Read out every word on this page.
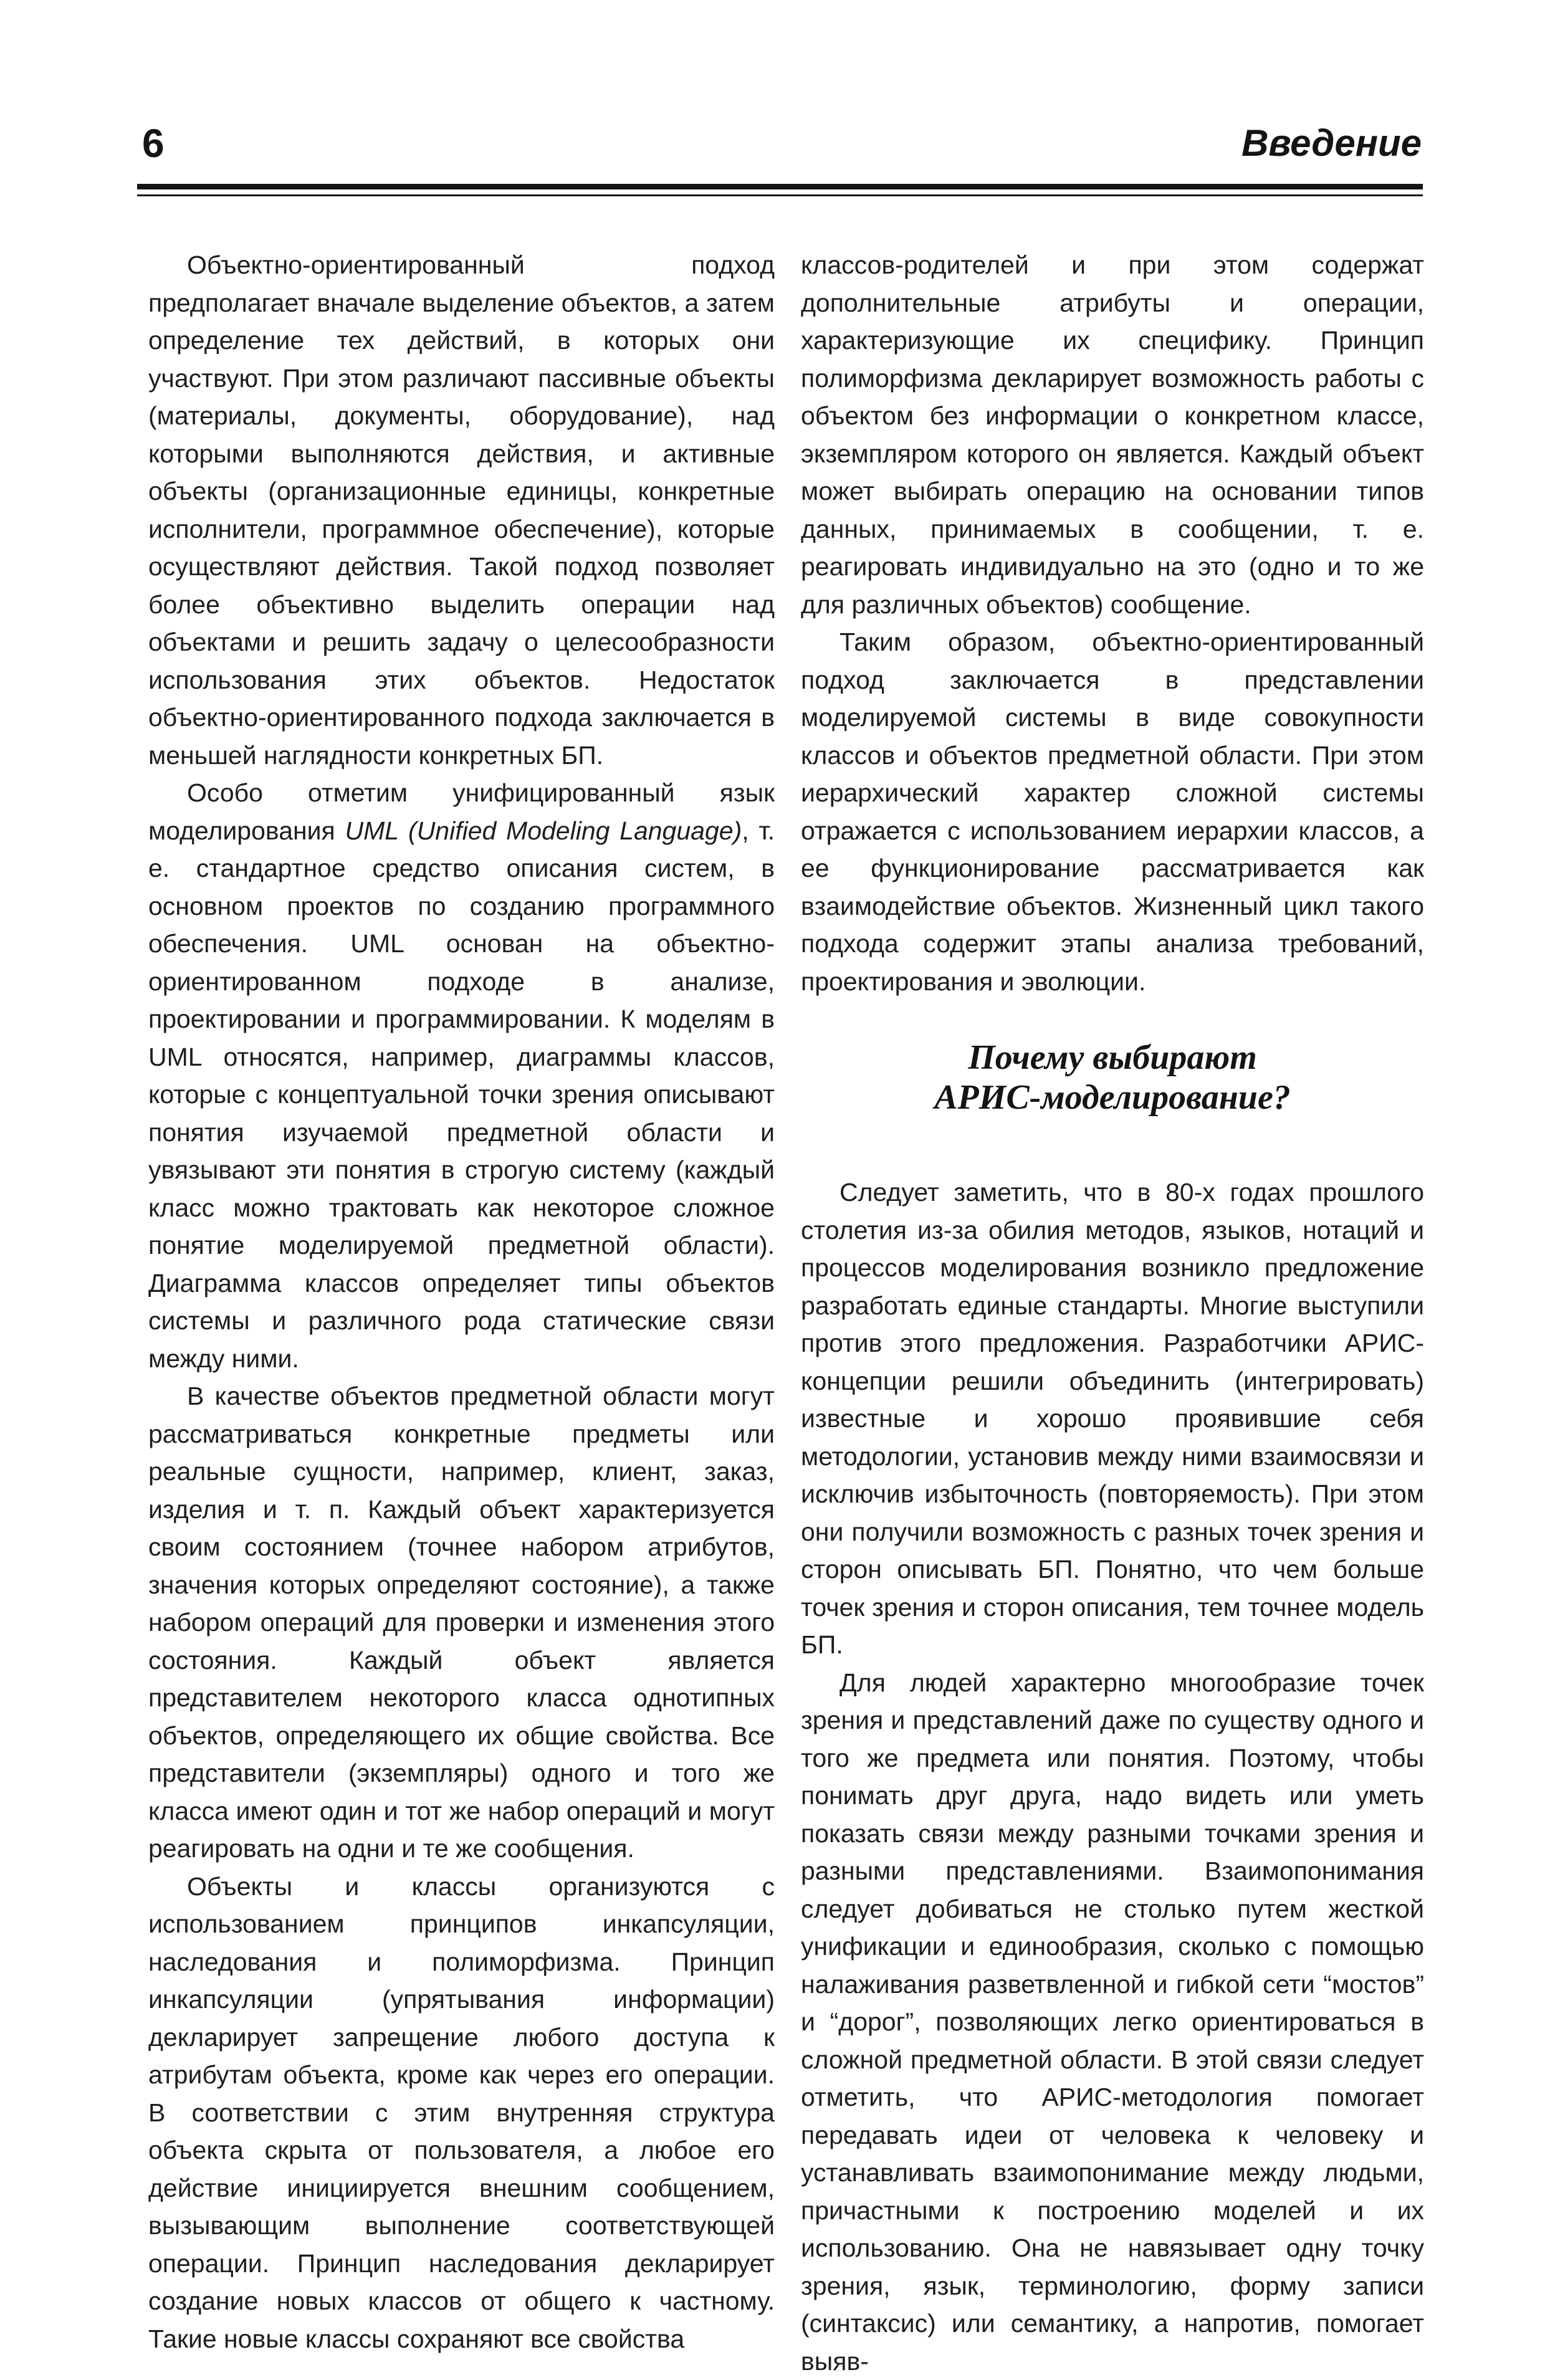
6	Введение

Объектно-ориентированный подход предполагает вначале выделение объектов, а затем определение тех действий, в которых они участвуют. При этом различают пассивные объекты (материалы, документы, оборудование), над которыми выполняются действия, и активные объекты (организационные единицы, конкретные исполнители, программное обеспечение), которые осуществляют действия. Такой подход позволяет более объективно выделить операции над объектами и решить задачу о целесообразности использования этих объектов. Недостаток объектно-ориентированного подхода заключается в меньшей наглядности конкретных БП.

Особо отметим унифицированный язык моделирования UML (Unified Modeling Language), т. е. стандартное средство описания систем, в основном проектов по созданию программного обеспечения. UML основан на объектно-ориентированном подходе в анализе, проектировании и программировании. К моделям в UML относятся, например, диаграммы классов, которые с концептуальной точки зрения описывают понятия изучаемой предметной области и увязывают эти понятия в строгую систему (каждый класс можно трактовать как некоторое сложное понятие моделируемой предметной области). Диаграмма классов определяет типы объектов системы и различного рода статические связи между ними.

В качестве объектов предметной области могут рассматриваться конкретные предметы или реальные сущности, например, клиент, заказ, изделия и т. п. Каждый объект характеризуется своим состоянием (точнее набором атрибутов, значения которых определяют состояние), а также набором операций для проверки и изменения этого состояния. Каждый объект является представителем некоторого класса однотипных объектов, определяющего их общие свойства. Все представители (экземпляры) одного и того же класса имеют один и тот же набор операций и могут реагировать на одни и те же сообщения.

Объекты и классы организуются с использованием принципов инкапсуляции, наследования и полиморфизма. Принцип инкапсуляции (упрятывания информации) декларирует запрещение любого доступа к атрибутам объекта, кроме как через его операции. В соответствии с этим внутренняя структура объекта скрыта от пользователя, а любое его действие инициируется внешним сообщением, вызывающим выполнение соответствующей операции. Принцип наследования декларирует создание новых классов от общего к частному. Такие новые классы сохраняют все свойства

классов-родителей и при этом содержат дополнительные атрибуты и операции, характеризующие их специфику. Принцип полиморфизма декларирует возможность работы с объектом без информации о конкретном классе, экземпляром которого он является. Каждый объект может выбирать операцию на основании типов данных, принимаемых в сообщении, т. е. реагировать индивидуально на это (одно и то же для различных объектов) сообщение.

Таким образом, объектно-ориентированный подход заключается в представлении моделируемой системы в виде совокупности классов и объектов предметной области. При этом иерархический характер сложной системы отражается с использованием иерархии классов, а ее функционирование рассматривается как взаимодействие объектов. Жизненный цикл такого подхода содержит этапы анализа требований, проектирования и эволюции.

Почему выбирают
АРИС-моделирование?

Следует заметить, что в 80-х годах прошлого столетия из-за обилия методов, языков, нотаций и процессов моделирования возникло предложение разработать единые стандарты. Многие выступили против этого предложения. Разработчики АРИС-концепции решили объединить (интегрировать) известные и хорошо проявившие себя методологии, установив между ними взаимосвязи и исключив избыточность (повторяемость). При этом они получили возможность с разных точек зрения и сторон описывать БП. Понятно, что чем больше точек зрения и сторон описания, тем точнее модель БП.

Для людей характерно многообразие точек зрения и представлений даже по существу одного и того же предмета или понятия. Поэтому, чтобы понимать друг друга, надо видеть или уметь показать связи между разными точками зрения и разными представлениями. Взаимопонимания следует добиваться не столько путем жесткой унификации и единообразия, сколько с помощью налаживания разветвленной и гибкой сети “мостов” и “дорог”, позволяющих легко ориентироваться в сложной предметной области. В этой связи следует отметить, что АРИС-методология помогает передавать идеи от человека к человеку и устанавливать взаимопонимание между людьми, причастными к построению моделей и их использованию. Она не навязывает одну точку зрения, язык, терминологию, форму записи (синтаксис) или семантику, а напротив, помогает выяв-
